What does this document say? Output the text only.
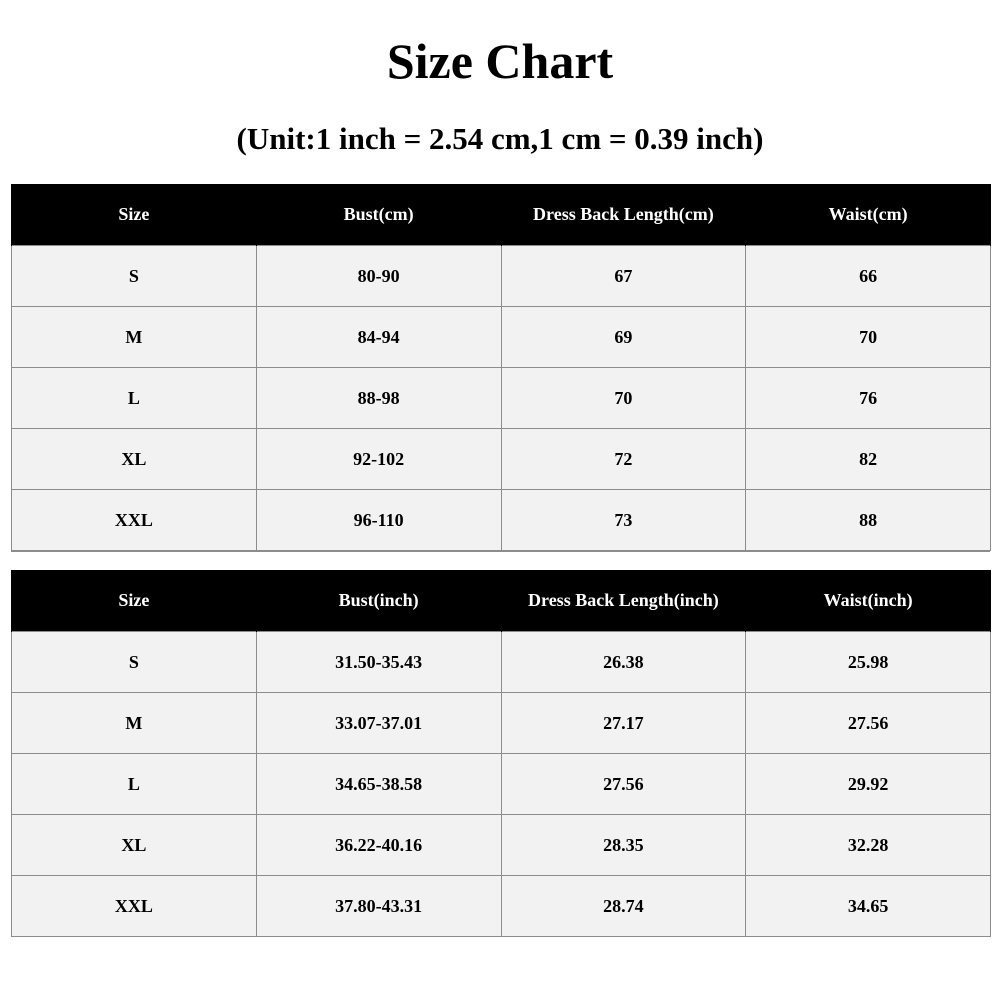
Size Chart
(Unit:1 inch = 2.54 cm,1 cm = 0.39 inch)
Size	Bust(cm)	Dress Back Length(cm)	Waist(cm)
S	80-90	67	66
M	84-94	69	70
L	88-98	70	76
XL	92-102	72	82
XXL	96-110	73	88
Size	Bust(inch)	Dress Back Length(inch)	Waist(inch)
S	31.50-35.43	26.38	25.98
M	33.07-37.01	27.17	27.56
L	34.65-38.58	27.56	29.92
XL	36.22-40.16	28.35	32.28
XXL	37.80-43.31	28.74	34.65
